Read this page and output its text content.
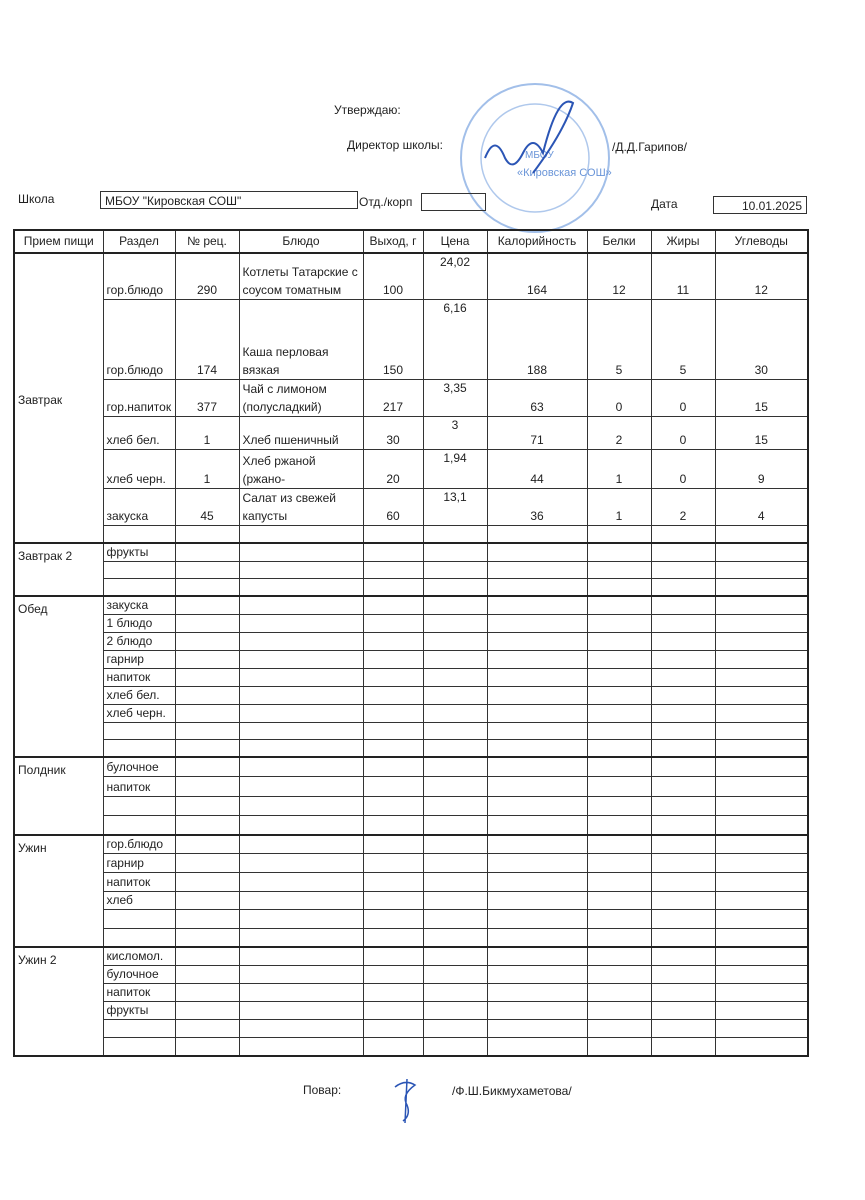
Утверждаю:
Директор школы:	/Д.Д.Гарипов/
«Кировская СОШ»
МБОУ
Школа	МБОУ "Кировская СОШ"	Отд./корп	Дата	10.01.2025
Прием пищи	Раздел	№ рец.	Блюдо	Выход, г	Цена	Калорийность	Белки	Жиры	Углеводы
Завтрак	гор.блюдо	290	Котлеты Татарские с соусом томатным	100	24,02	164	12	11	12
	гор.блюдо	174	Каша перловая вязкая	150	6,16	188	5	5	30
	гор.напиток	377	Чай с лимоном (полусладкий)	217	3,35	63	0	0	15
	хлеб бел.	1	Хлеб пшеничный	30	3	71	2	0	15
	хлеб черн.	1	Хлеб ржаной (ржано-	20	1,94	44	1	0	9
	закуска	45	Салат из свежей капусты	60	13,1	36	1	2	4

Завтрак 2	фрукты								

Обед	закуска								
	1 блюдо								
	2 блюдо								
	гарнир								
	напиток								
	хлеб бел.								
	хлеб черн.								

Полдник	булочное								
	напиток								

Ужин	гор.блюдо								
	гарнир								
	напиток								
	хлеб								

Ужин 2	кисломол.								
	булочное								
	напиток								
	фрукты								

Повар:	/Ф.Ш.Бикмухаметова/
